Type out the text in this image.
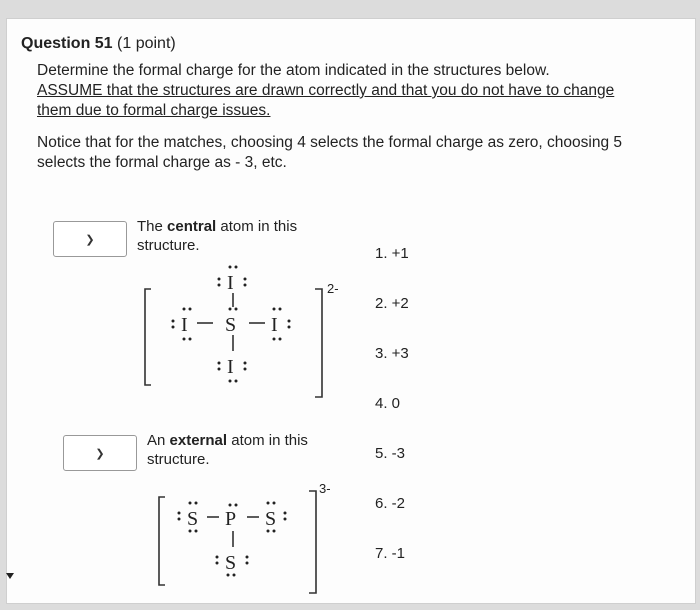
Question 51 (1 point)
Determine the formal charge for the atom indicated in the structures below.
ASSUME that the structures are drawn correctly and that you do not have to change
them due to formal charge issues.
Notice that for the matches, choosing 4 selects the formal charge as zero, choosing 5
selects the formal charge as - 3, etc.
❯
The central atom in this
structure.
I
I S I
I
2-
❯
An external atom in this
structure.
S P S
S
3-
1. +1
2. +2
3. +3
4. 0
5. -3
6. -2
7. -1
